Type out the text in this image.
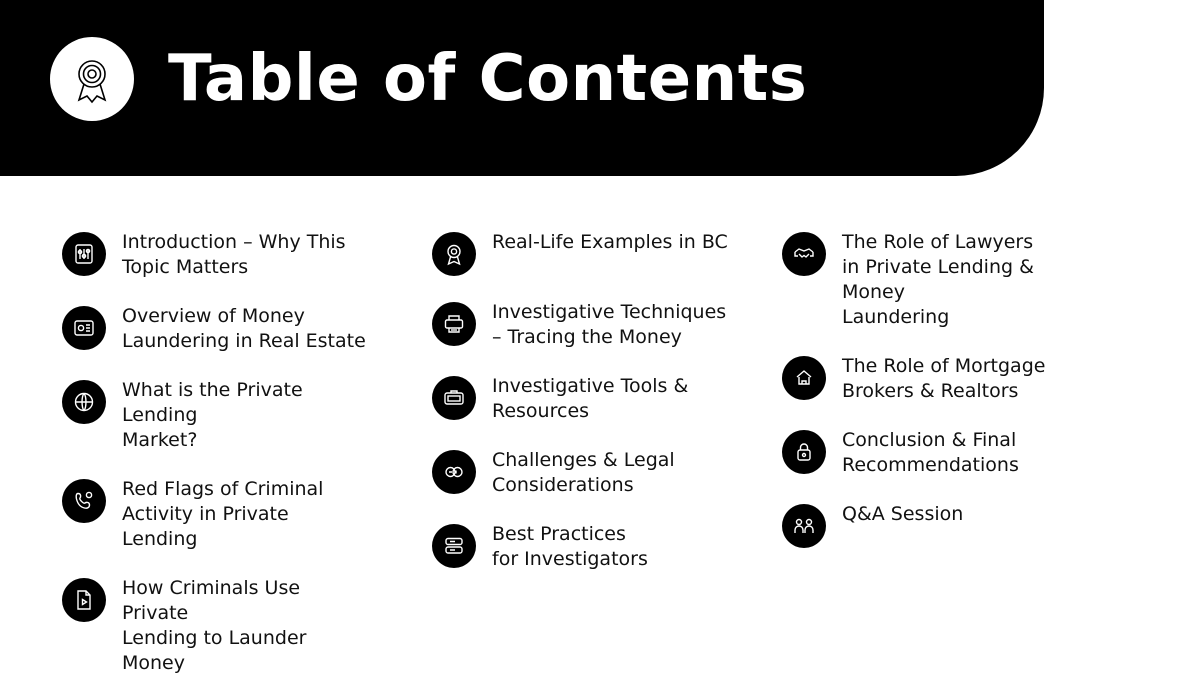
Table of Contents
Introduction – Why This
Topic Matters
Overview of Money
Laundering in Real Estate
What is the Private Lending
Market?
Red Flags of Criminal
Activity in Private Lending
How Criminals Use Private
Lending to Launder Money
Real-Life Examples in BC
Investigative Techniques
– Tracing the Money
Investigative Tools &
Resources
Challenges & Legal
Considerations
Best Practices
for Investigators
The Role of Lawyers
in Private Lending & Money
Laundering
The Role of Mortgage
Brokers & Realtors
Conclusion & Final
Recommendations
Q&A Session
